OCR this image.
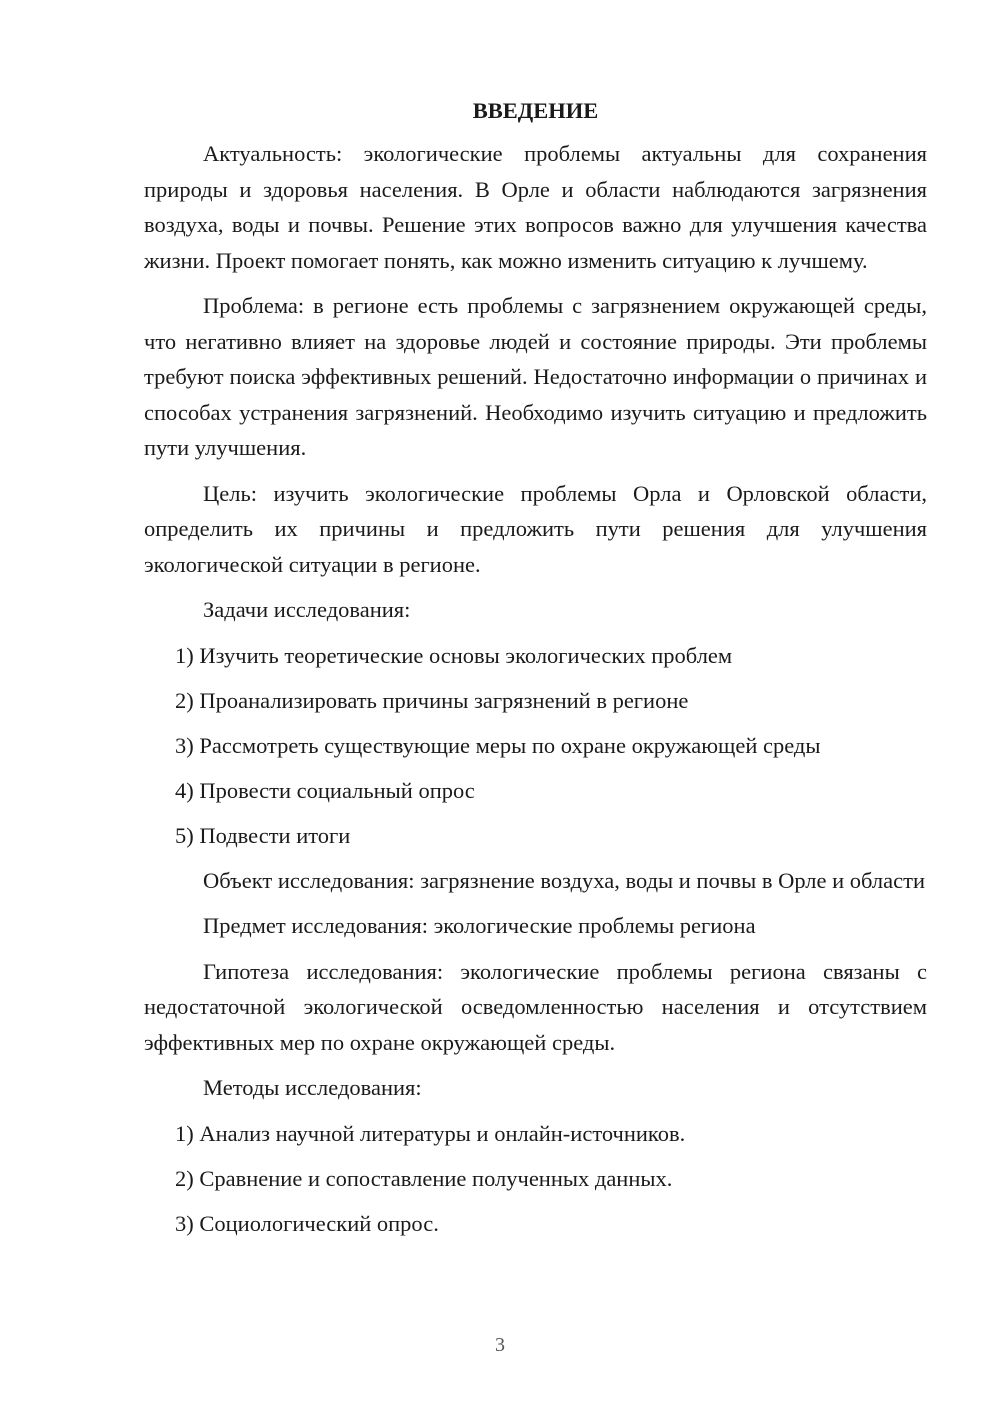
ВВЕДЕНИЕ
Актуальность: экологические проблемы актуальны для сохранения природы и здоровья населения. В Орле и области наблюдаются загрязнения воздуха, воды и почвы. Решение этих вопросов важно для улучшения качества жизни. Проект помогает понять, как можно изменить ситуацию к лучшему.
Проблема: в регионе есть проблемы с загрязнением окружающей среды, что негативно влияет на здоровье людей и состояние природы. Эти проблемы требуют поиска эффективных решений. Недостаточно информации о причинах и способах устранения загрязнений. Необходимо изучить ситуацию и предложить пути улучшения.
Цель: изучить экологические проблемы Орла и Орловской области, определить их причины и предложить пути решения для улучшения экологической ситуации в регионе.
Задачи исследования:
1) Изучить теоретические основы экологических проблем
2) Проанализировать причины загрязнений в регионе
3) Рассмотреть существующие меры по охране окружающей среды
4) Провести социальный опрос
5) Подвести итоги
Объект исследования: загрязнение воздуха, воды и почвы в Орле и области
Предмет исследования: экологические проблемы региона
Гипотеза исследования: экологические проблемы региона связаны с недостаточной экологической осведомленностью населения и отсутствием эффективных мер по охране окружающей среды.
Методы исследования:
1) Анализ научной литературы и онлайн-источников.
2) Сравнение и сопоставление полученных данных.
3) Социологический опрос.
3
